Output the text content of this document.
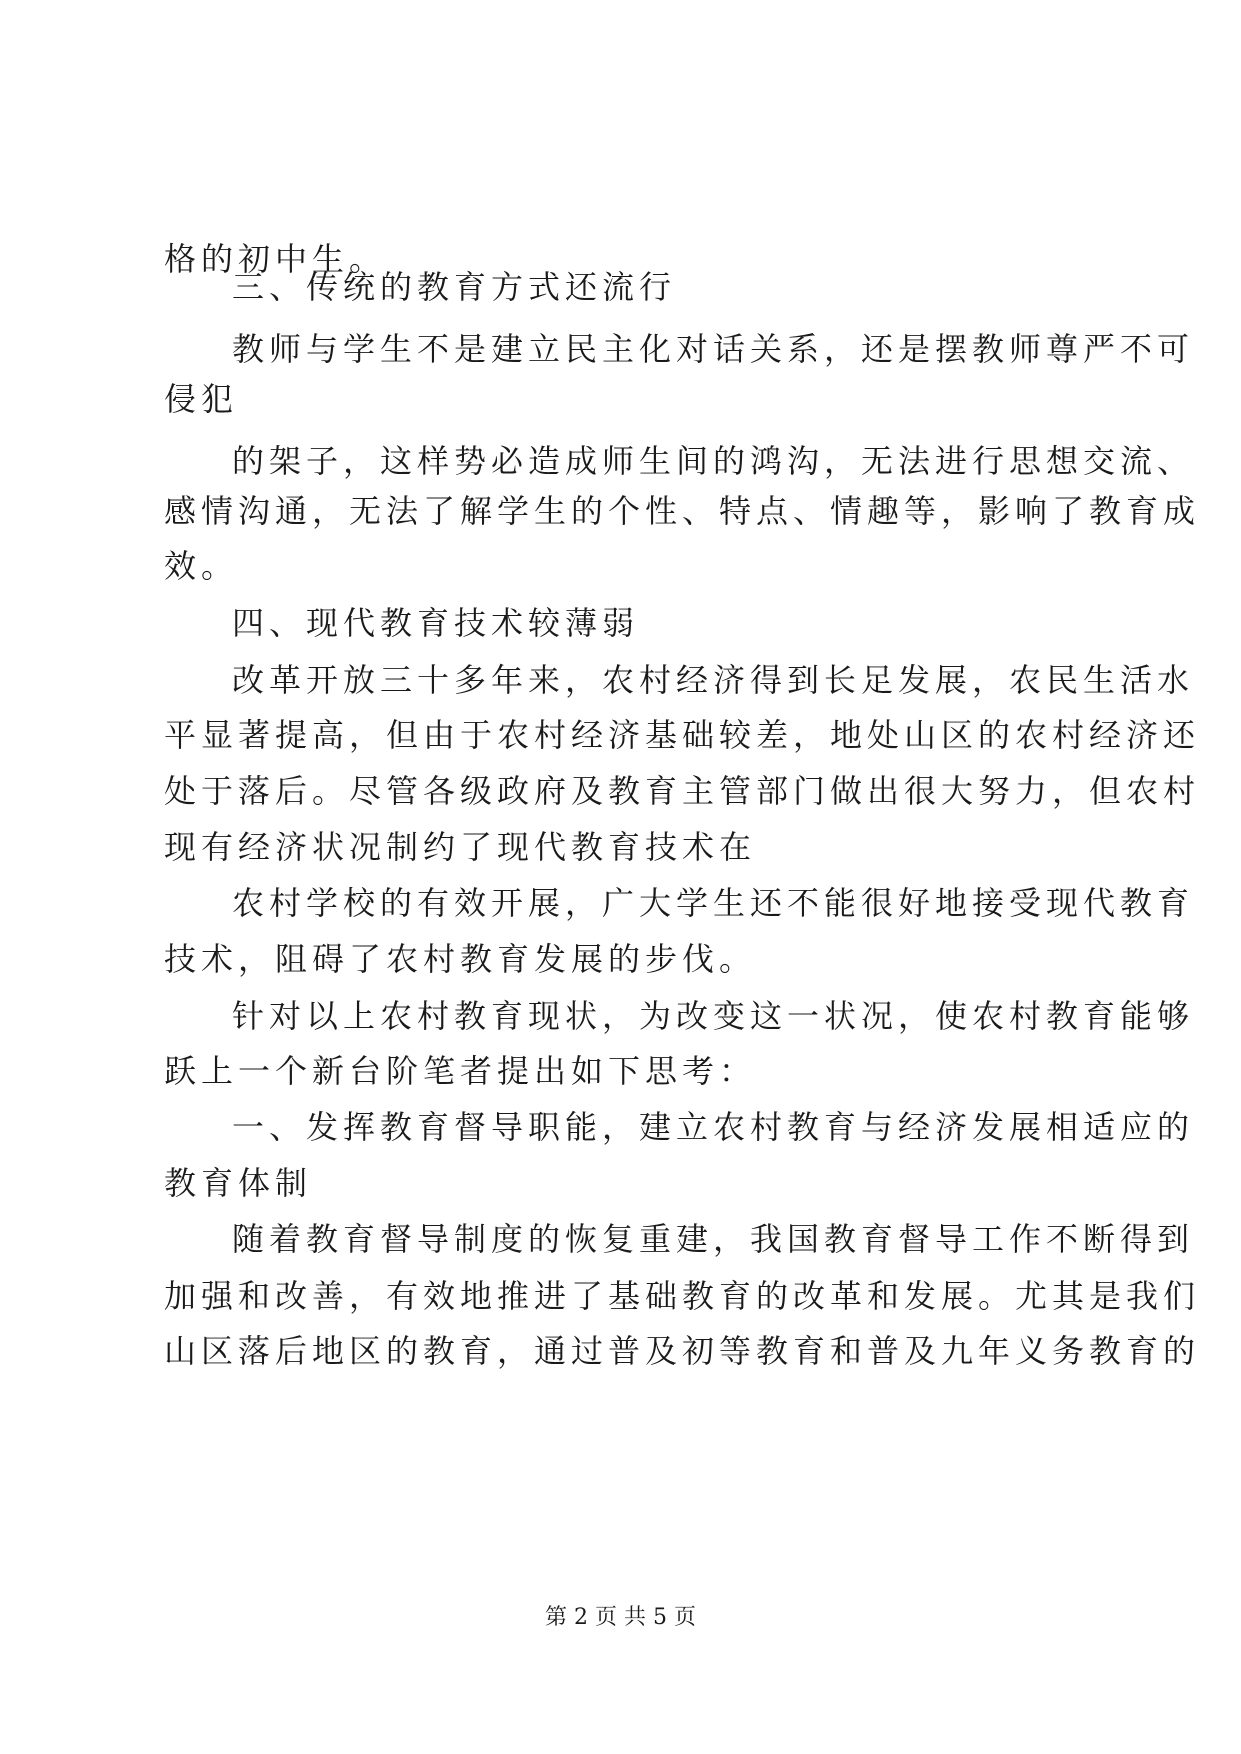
格的初中生。
三、传统的教育方式还流行
教师与学生不是建立民主化对话关系，还是摆教师尊严不可
侵犯
的架子，这样势必造成师生间的鸿沟，无法进行思想交流、
感情沟通，无法了解学生的个性、特点、情趣等，影响了教育成
效。
四、现代教育技术较薄弱
改革开放三十多年来，农村经济得到长足发展，农民生活水
平显著提高，但由于农村经济基础较差，地处山区的农村经济还
处于落后。尽管各级政府及教育主管部门做出很大努力，但农村
现有经济状况制约了现代教育技术在
农村学校的有效开展，广大学生还不能很好地接受现代教育
技术，阻碍了农村教育发展的步伐。
针对以上农村教育现状，为改变这一状况，使农村教育能够
跃上一个新台阶笔者提出如下思考：
一、发挥教育督导职能，建立农村教育与经济发展相适应的
教育体制
随着教育督导制度的恢复重建，我国教育督导工作不断得到
加强和改善，有效地推进了基础教育的改革和发展。尤其是我们
山区落后地区的教育，通过普及初等教育和普及九年义务教育的
第 2 页 共 5 页
